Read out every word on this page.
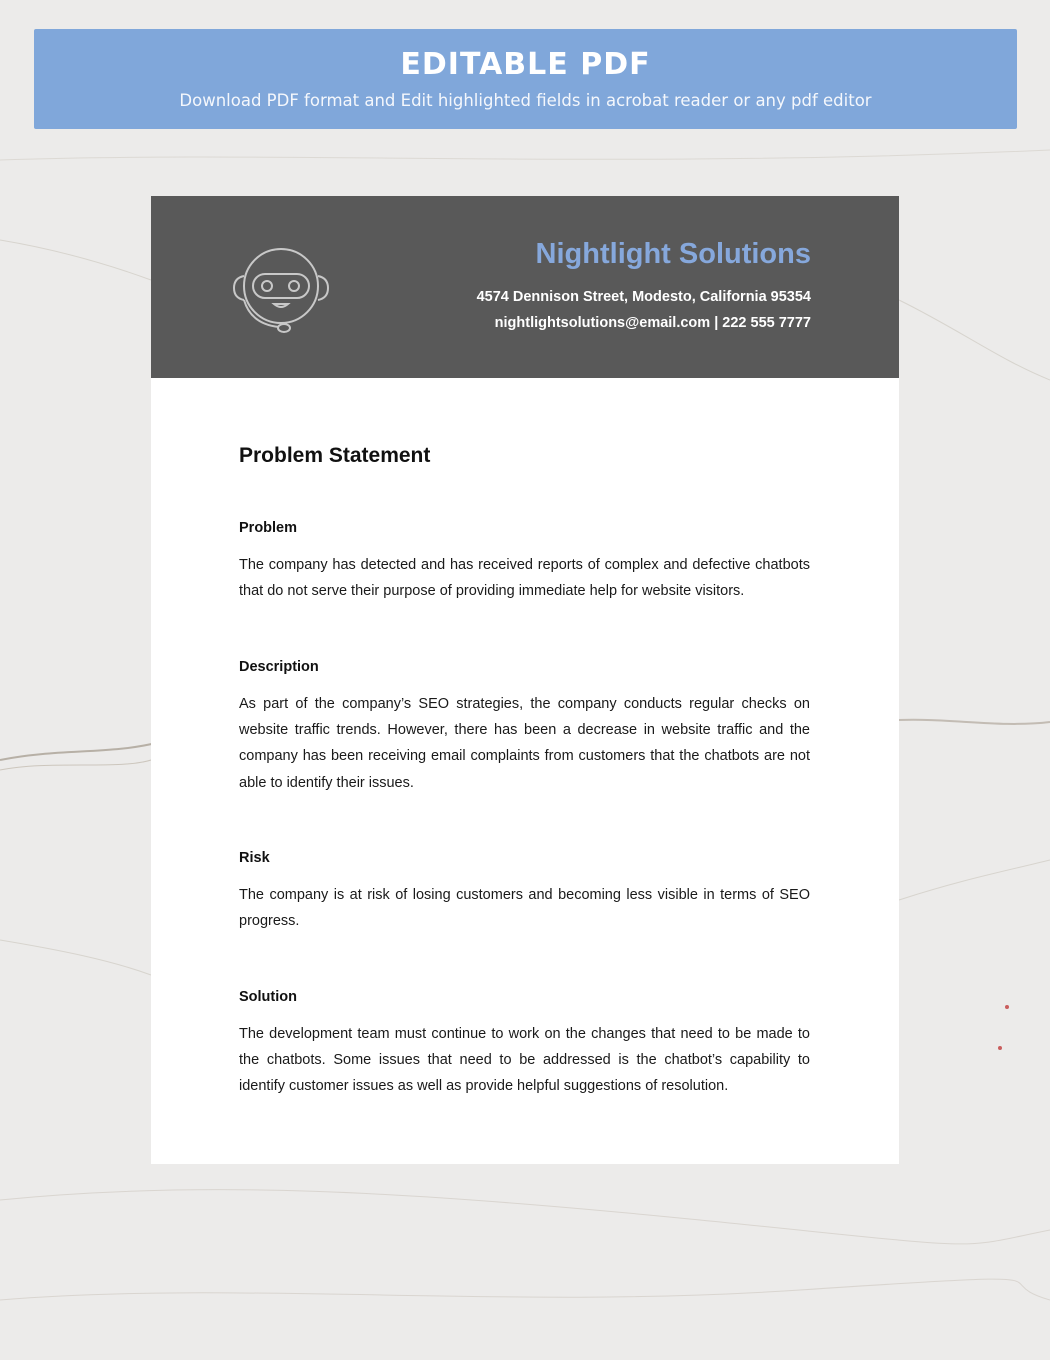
EDITABLE PDF
Download PDF format and Edit highlighted fields in acrobat reader or any pdf editor
Nightlight Solutions
4574 Dennison Street, Modesto, California 95354
nightlightsolutions@email.com | 222 555 7777
Problem Statement
Problem
The company has detected and has received reports of complex and defective chatbots that do not serve their purpose of providing immediate help for website visitors.
Description
As part of the company’s SEO strategies, the company conducts regular checks on website traffic trends. However, there has been a decrease in website traffic and the company has been receiving email complaints from customers that the chatbots are not able to identify their issues.
Risk
The company is at risk of losing customers and becoming less visible in terms of SEO progress.
Solution
The development team must continue to work on the changes that need to be made to the chatbots. Some issues that need to be addressed is the chatbot’s capability to identify customer issues as well as provide helpful suggestions of resolution.
